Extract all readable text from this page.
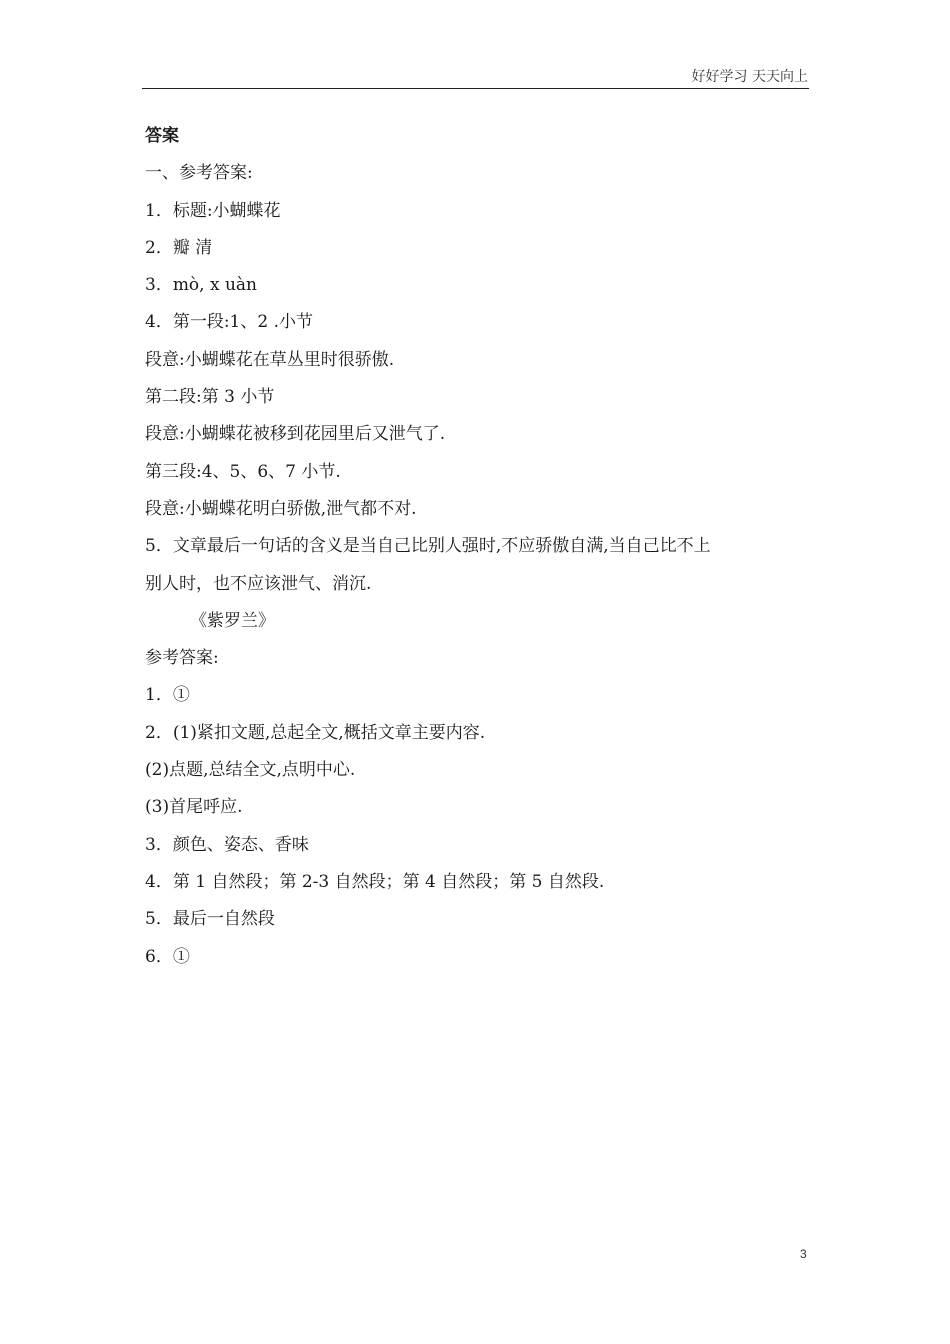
好好学习 天天向上
答案
一、参考答案:
1．标题:小蝴蝶花
2．瓣 清
3．mò, x uàn
4．第一段:1、2 .小节
段意:小蝴蝶花在草丛里时很骄傲.
第二段:第 3 小节
段意:小蝴蝶花被移到花园里后又泄气了.
第三段:4、5、6、7 小节.
段意:小蝴蝶花明白骄傲,泄气都不对.
5．文章最后一句话的含义是当自己比别人强时,不应骄傲自满,当自己比不上
别人时，也不应该泄气、消沉.
《紫罗兰》
参考答案:
1．①
2．(1)紧扣文题,总起全文,概括文章主要内容.
(2)点题,总结全文,点明中心.
(3)首尾呼应.
3．颜色、姿态、香味
4．第 1 自然段；第 2-3 自然段；第 4 自然段；第 5 自然段.
5．最后一自然段
6．①
3
